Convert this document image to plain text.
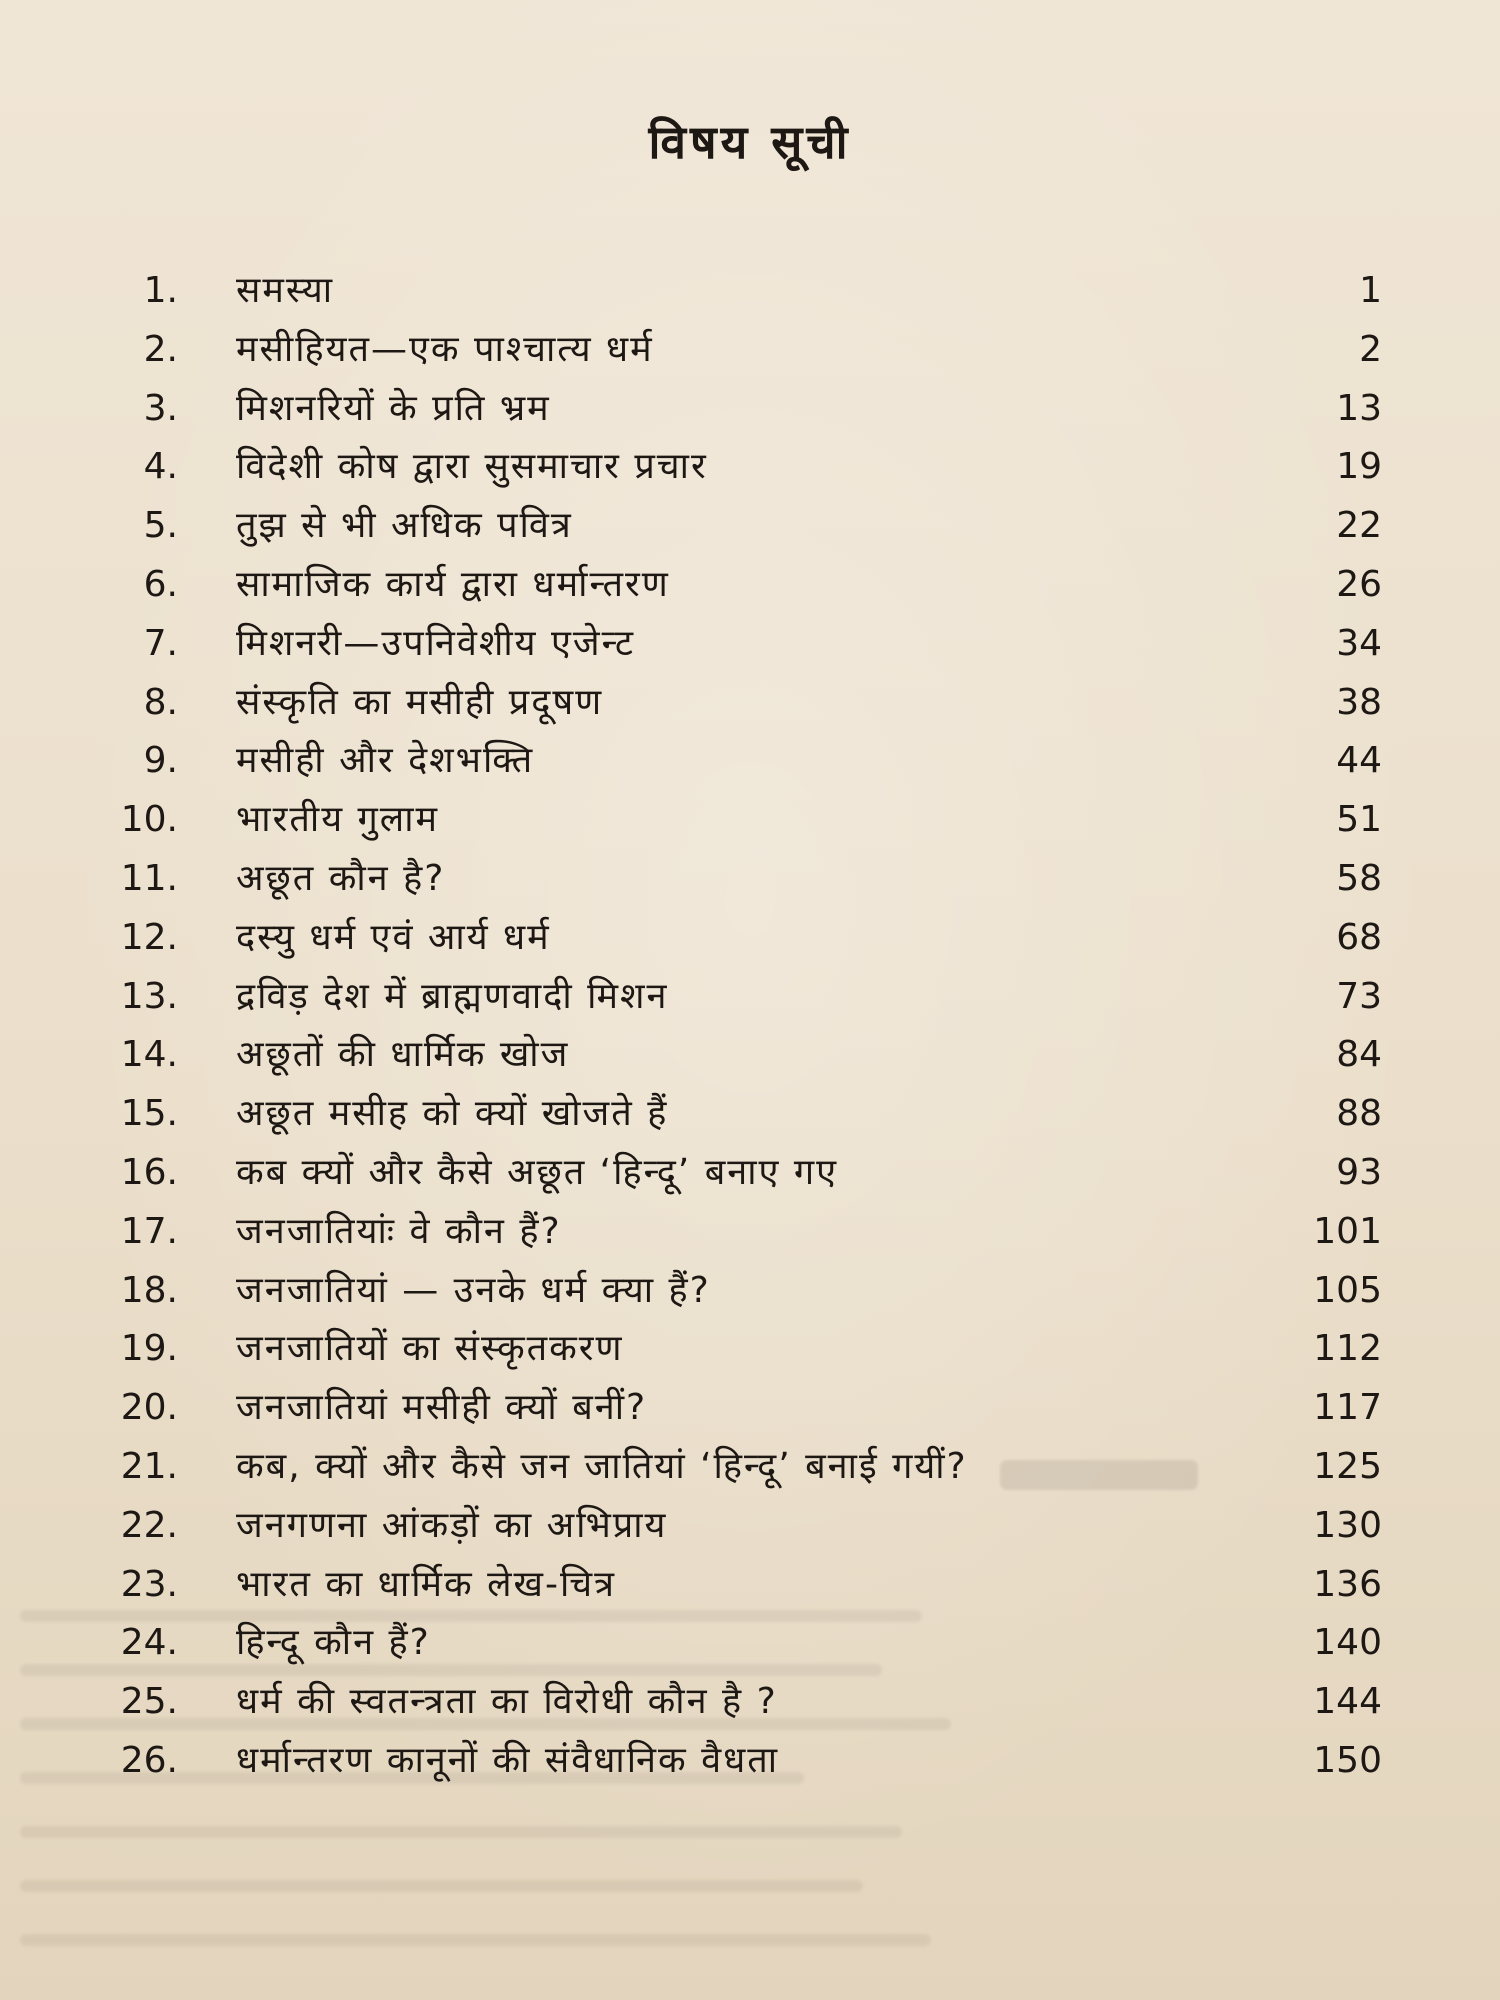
विषय सूची
1. समस्या	1
2. मसीहियत—एक पाश्चात्य धर्म	2
3. मिशनरियों के प्रति भ्रम	13
4. विदेशी कोष द्वारा सुसमाचार प्रचार	19
5. तुझ से भी अधिक पवित्र	22
6. सामाजिक कार्य द्वारा धर्मान्तरण	26
7. मिशनरी—उपनिवेशीय एजेन्ट	34
8. संस्कृति का मसीही प्रदूषण	38
9. मसीही और देशभक्ति	44
10. भारतीय गुलाम	51
11. अछूत कौन है?	58
12. दस्यु धर्म एवं आर्य धर्म	68
13. द्रविड़ देश में ब्राह्मणवादी मिशन	73
14. अछूतों की धार्मिक खोज	84
15. अछूत मसीह को क्यों खोजते हैं	88
16. कब क्यों और कैसे अछूत ‘हिन्दू’ बनाए गए	93
17. जनजातियांः वे कौन हैं?	101
18. जनजातियां — उनके धर्म क्या हैं?	105
19. जनजातियों का संस्कृतकरण	112
20. जनजातियां मसीही क्यों बनीं?	117
21. कब, क्यों और कैसे जन जातियां ‘हिन्दू’ बनाई गयीं?	125
22. जनगणना आंकड़ों का अभिप्राय	130
23. भारत का धार्मिक लेख-चित्र	136
24. हिन्दू कौन हैं?	140
25. धर्म की स्वतन्त्रता का विरोधी कौन है ?	144
26. धर्मान्तरण कानूनों की संवैधानिक वैधता	150
